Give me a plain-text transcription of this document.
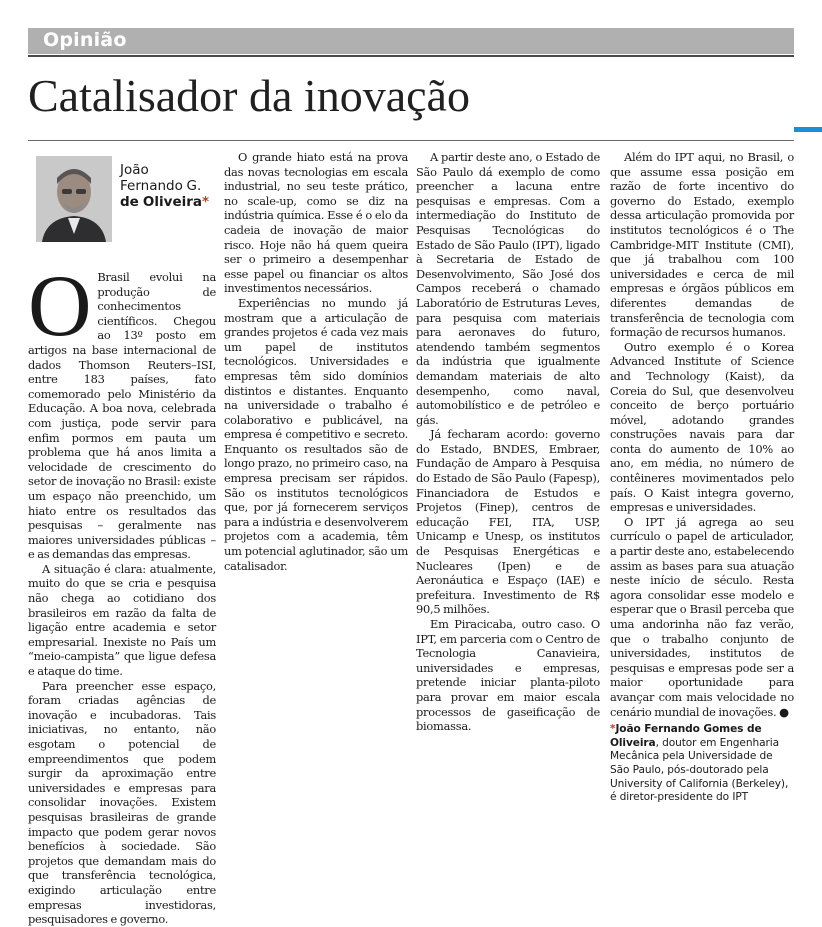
Opinião
Catalisador da inovação
João
Fernando G.
de Oliveira*

O Brasil evolui na produção de conhecimentos científicos. Chegou ao 13º posto em artigos na base internacional de dados Thomson Reuters–ISI, entre 183 países, fato comemorado pelo Ministério da Educação. A boa nova, celebrada com justiça, pode servir para enfim pormos em pauta um problema que há anos limita a velocidade de crescimento do setor de inovação no Brasil: existe um espaço não preenchido, um hiato entre os resultados das pesquisas – geralmente nas maiores universidades públicas – e as demandas das empresas.

A situação é clara: atualmente, muito do que se cria e pesquisa não chega ao cotidiano dos brasileiros em razão da falta de ligação entre academia e setor empresarial. Inexiste no País um “meio-campista” que ligue defesa e ataque do time.

Para preencher esse espaço, foram criadas agências de inovação e incubadoras. Tais iniciativas, no entanto, não esgotam o potencial de empreendimentos que podem surgir da aproximação entre universidades e empresas para consolidar inovações. Existem pesquisas brasileiras de grande impacto que podem gerar novos benefícios à sociedade. São projetos que demandam mais do que transferência tecnológica, exigindo articulação entre empresas investidoras, pesquisadores e governo.

O grande hiato está na prova das novas tecnologias em escala industrial, no seu teste prático, no scale-up, como se diz na indústria química. Esse é o elo da cadeia de inovação de maior risco. Hoje não há quem queira ser o primeiro a desempenhar esse papel ou financiar os altos investimentos necessários.

Experiências no mundo já mostram que a articulação de grandes projetos é cada vez mais um papel de institutos tecnológicos. Universidades e empresas têm sido domínios distintos e distantes. Enquanto na universidade o trabalho é colaborativo e publicável, na empresa é competitivo e secreto. Enquanto os resultados são de longo prazo, no primeiro caso, na empresa precisam ser rápidos. São os institutos tecnológicos que, por já fornecerem serviços para a indústria e desenvolverem projetos com a academia, têm um potencial aglutinador, são um catalisador.

A partir deste ano, o Estado de São Paulo dá exemplo de como preencher a lacuna entre pesquisas e empresas. Com a intermediação do Instituto de Pesquisas Tecnológicas do Estado de São Paulo (IPT), ligado à Secretaria de Estado de Desenvolvimento, São José dos Campos receberá o chamado Laboratório de Estruturas Leves, para pesquisa com materiais para aeronaves do futuro, atendendo também segmentos da indústria que igualmente demandam materiais de alto desempenho, como naval, automobilístico e de petróleo e gás.

Já fecharam acordo: governo do Estado, BNDES, Embraer, Fundação de Amparo à Pesquisa do Estado de São Paulo (Fapesp), Financiadora de Estudos e Projetos (Finep), centros de educação FEI, ITA, USP, Unicamp e Unesp, os institutos de Pesquisas Energéticas e Nucleares (Ipen) e de Aeronáutica e Espaço (IAE) e prefeitura. Investimento de R$ 90,5 milhões.

Em Piracicaba, outro caso. O IPT, em parceria com o Centro de Tecnologia Canavieira, universidades e empresas, pretende iniciar planta-piloto para provar em maior escala processos de gaseificação de biomassa.

Além do IPT aqui, no Brasil, o que assume essa posição em razão de forte incentivo do governo do Estado, exemplo dessa articulação promovida por institutos tecnológicos é o The Cambridge-MIT Institute (CMI), que já trabalhou com 100 universidades e cerca de mil empresas e órgãos públicos em diferentes demandas de transferência de tecnologia com formação de recursos humanos.

Outro exemplo é o Korea Advanced Institute of Science and Technology (Kaist), da Coreia do Sul, que desenvolveu conceito de berço portuário móvel, adotando grandes construções navais para dar conta do aumento de 10% ao ano, em média, no número de contêineres movimentados pelo país. O Kaist integra governo, empresas e universidades.

O IPT já agrega ao seu currículo o papel de articulador, a partir deste ano, estabelecendo assim as bases para sua atuação neste início de século. Resta agora consolidar esse modelo e esperar que o Brasil perceba que uma andorinha não faz verão, que o trabalho conjunto de universidades, institutos de pesquisas e empresas pode ser a maior oportunidade para avançar com mais velocidade no cenário mundial de inovações. ●

*João Fernando Gomes de Oliveira, doutor em Engenharia Mecânica pela Universidade de São Paulo, pós-doutorado pela University of California (Berkeley), é diretor-presidente do IPT
